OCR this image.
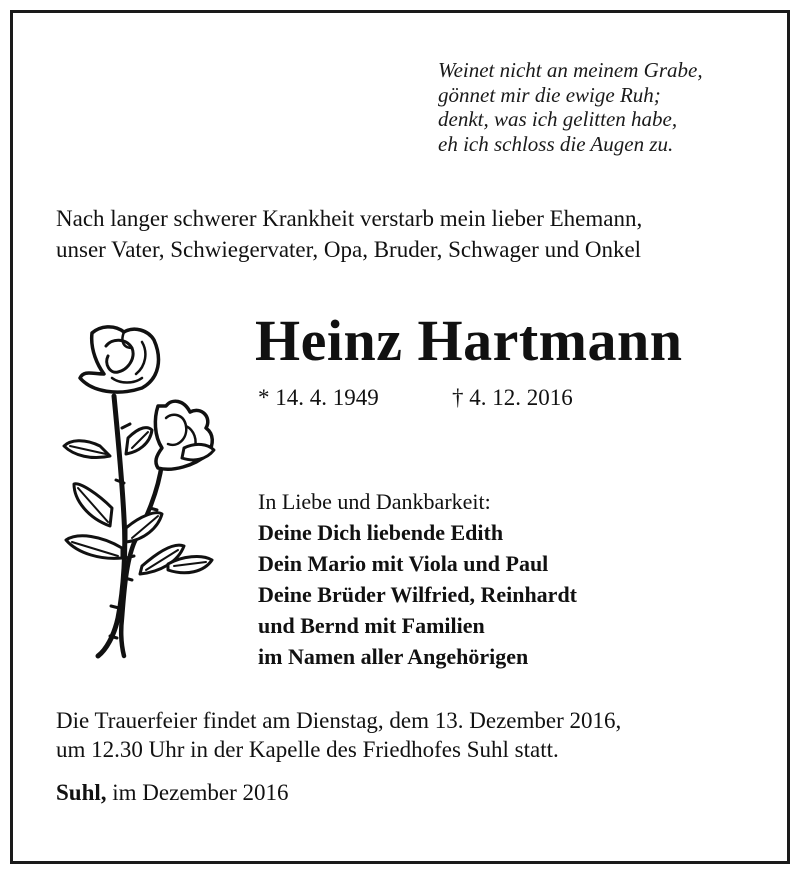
Weinet nicht an meinem Grabe,
gönnet mir die ewige Ruh;
denkt, was ich gelitten habe,
eh ich schloss die Augen zu.
Nach langer schwerer Krankheit verstarb mein lieber Ehemann,
unser Vater, Schwiegervater, Opa, Bruder, Schwager und Onkel
Heinz Hartmann
* 14. 4. 1949	† 4. 12. 2016
In Liebe und Dankbarkeit:
Deine Dich liebende Edith
Dein Mario mit Viola und Paul
Deine Brüder Wilfried, Reinhardt
und Bernd mit Familien
im Namen aller Angehörigen
Die Trauerfeier findet am Dienstag, dem 13. Dezember 2016,
um 12.30 Uhr in der Kapelle des Friedhofes Suhl statt.
Suhl, im Dezember 2016
